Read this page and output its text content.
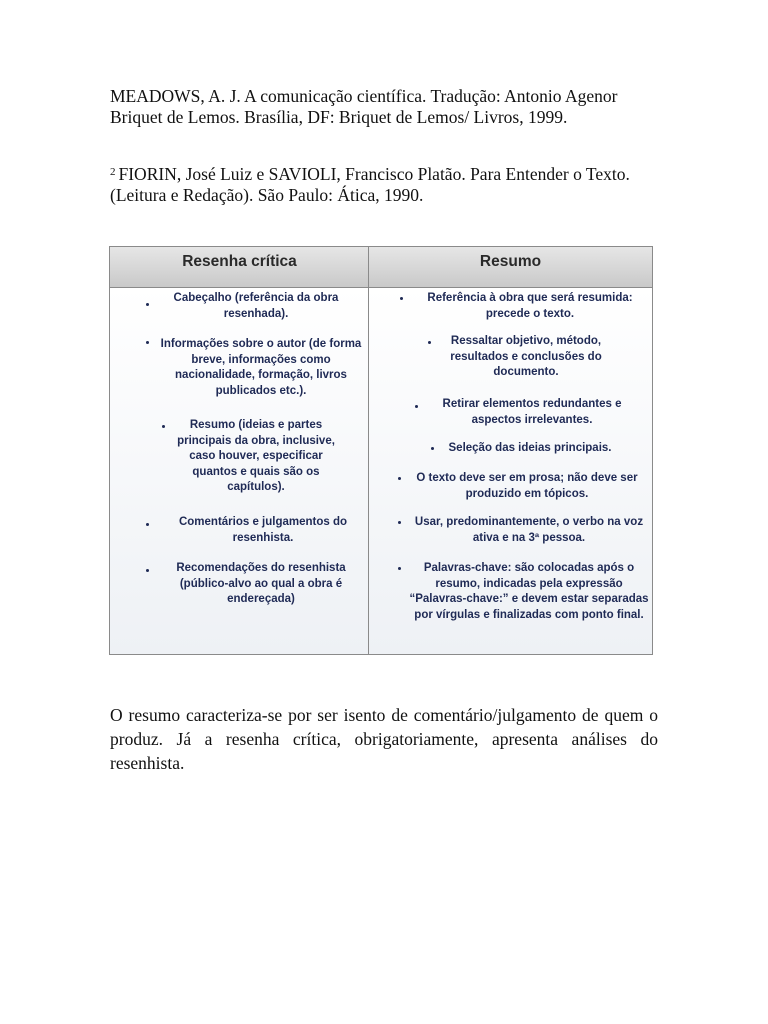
MEADOWS, A. J. A comunicação científica. Tradução: Antonio Agenor Briquet de Lemos. Brasília, DF: Briquet de Lemos/ Livros, 1999.

$^2$ FIORIN, José Luiz e SAVIOLI, Francisco Platão. Para Entender o Texto. (Leitura e Redação). São Paulo: Ática, 1990.

Cabeçalho (referência da obra resenhada).
Informações sobre o autor (de forma breve, informações como nacionalidade, formação, livros publicados etc.).
Resumo (ideias e partes principais da obra, inclusive, caso houver, especificar quantos e quais são os capítulos).
Comentários e julgamentos do resenhista.
Recomendações do resenhista (público-alvo ao qual a obra é endereçada)
Referência à obra que será resumida: precede o texto.
Ressaltar objetivo, método, resultados e conclusões do documento.
Retirar elementos redundantes e aspectos irrelevantes.
Seleção das ideias principais.
O texto deve ser em prosa; não deve ser produzido em tópicos.
Usar, predominantemente, o verbo na voz ativa e na 3ª pessoa.
Palavras-chave: são colocadas após o resumo, indicadas pela expressão “Palavras-chave:” e devem estar separadas por vírgulas e finalizadas com ponto final.
Resenha crítica	Resumo

O resumo caracteriza-se por ser isento de comentário/julgamento de quem o produz. Já a resenha crítica, obrigatoriamente, apresenta análises do resenhista.
